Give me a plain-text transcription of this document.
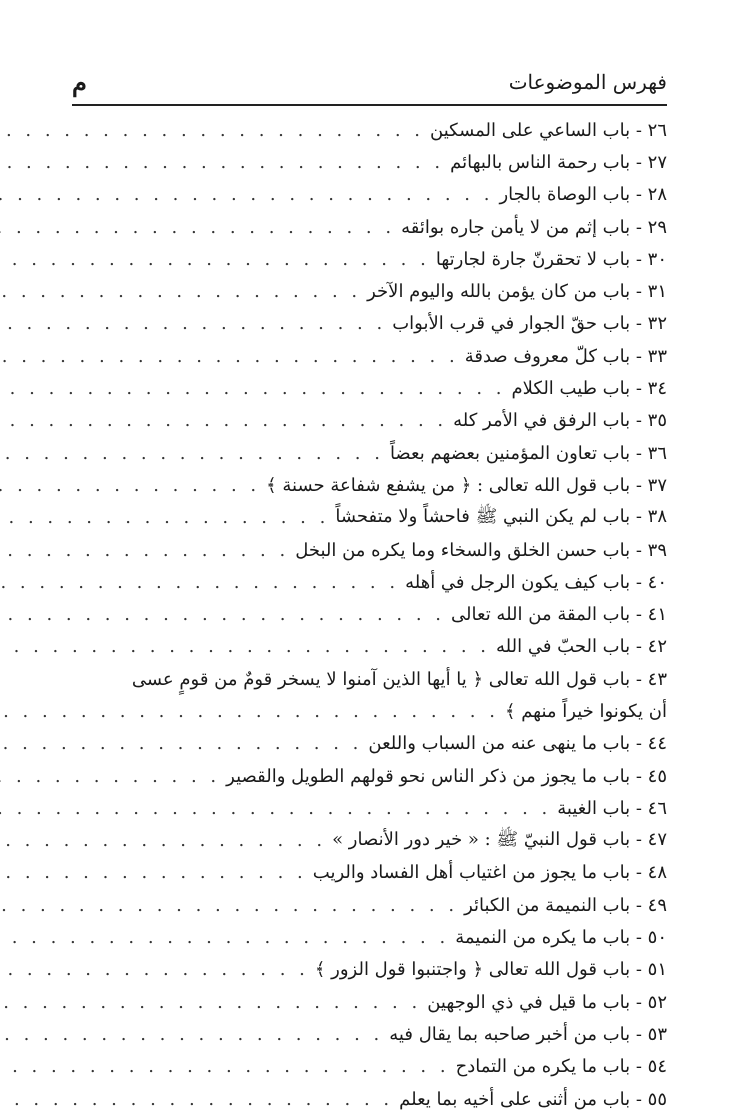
فهرس الموضوعات
م
٢٦ - باب الساعي على المسكين
. . .
٢٧ - باب رحمة الناس بالبهائم
. . .
٢٨ - باب الوصاة بالجار
. . .
٢٩ - باب إثم من لا يأمن جاره بوائقه
. . .
٣٠ - باب لا تحقرنّ جارة لجارتها
. . .
٣١ - باب من كان يؤمن بالله واليوم الآخر
. . .
٣٢ - باب حقّ الجوار في قرب الأبواب
. . .
٣٣ - باب كلّ معروف صدقة
. . .
٣٤ - باب طيب الكلام
. . .
٣٥ - باب الرفق في الأمر كله
. . .
٣٦ - باب تعاون المؤمنين بعضهم بعضاً
. . .
٣٧ - باب قول الله تعالى : ﴿ من يشفع شفاعة حسنة ﴾
. . .
٣٨ - باب لم يكن النبي ﷺ فاحشاً ولا متفحشاً
. . .
٣٩ - باب حسن الخلق والسخاء وما يكره من البخل
. . .
٤٠ - باب كيف يكون الرجل في أهله
. . .
٤١ - باب المقة من الله تعالى
. . .
٤٢ - باب الحبّ في الله
. . .
٤٣ - باب قول الله تعالى ﴿ يا أيها الذين آمنوا لا يسخر قومٌ من قومٍ عسى
أن يكونوا خيراً منهم ﴾
. . .
٤٤ - باب ما ينهى عنه من السباب واللعن
. . .
٤٥ - باب ما يجوز من ذكر الناس نحو قولهم الطويل والقصير
. . .
٤٦ - باب الغيبة
. . .
٤٧ - باب قول النبيّ ﷺ : « خير دور الأنصار »
. . .
٤٨ - باب ما يجوز من اغتياب أهل الفساد والريب
. . .
٤٩ - باب النميمة من الكبائر
. . .
٥٠ - باب ما يكره من النميمة
. . .
٥١ - باب قول الله تعالى ﴿ واجتنبوا قول الزور ﴾
. . .
٥٢ - باب ما قيل في ذي الوجهين
. . .
٥٣ - باب من أخبر صاحبه بما يقال فيه
. . .
٥٤ - باب ما يكره من التمادح
. . .
٥٥ - باب من أثنى على أخيه بما يعلم
. . .
